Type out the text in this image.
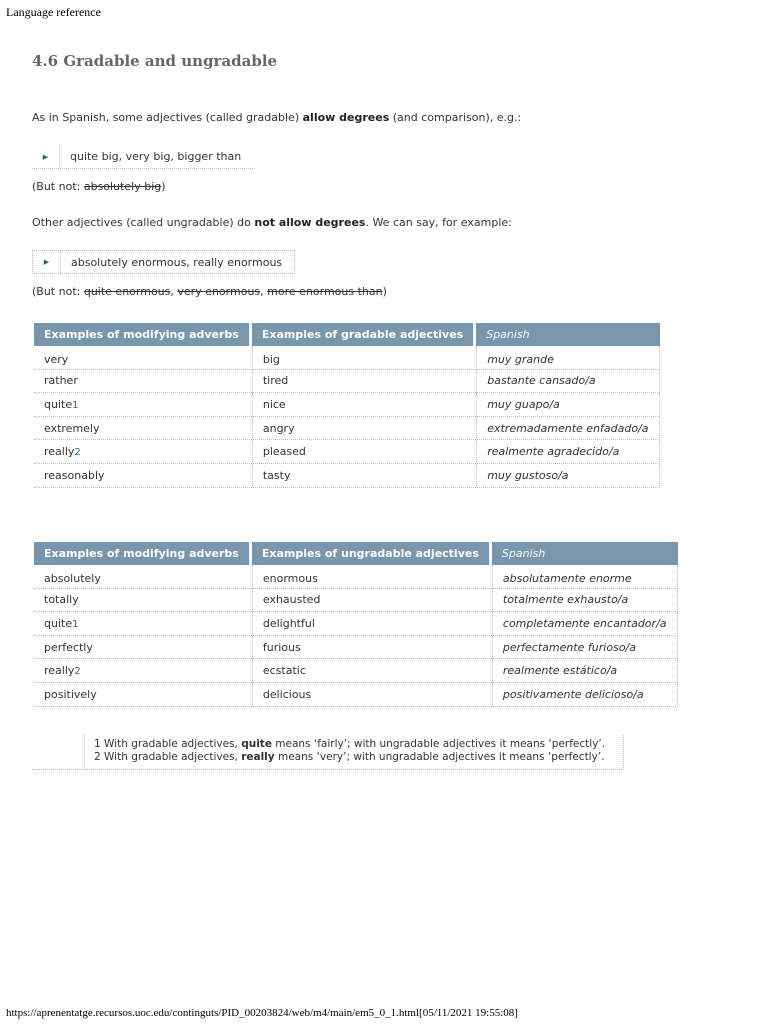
Language reference
4.6 Gradable and ungradable

As in Spanish, some adjectives (called gradable) allow degrees (and comparison), e.g.:

▶	quite big, very big, bigger than

(But not: absolutely big)

Other adjectives (called ungradable) do not allow degrees. We can say, for example:

▶	absolutely enormous, really enormous

(But not: quite enormous, very enormous, more enormous than)

Examples of modifying adverbs	Examples of gradable adjectives	Spanish
very	big	muy grande
rather	tired	bastante cansado/a
quite1	nice	muy guapo/a
extremely	angry	extremadamente enfadado/a
really2	pleased	realmente agradecido/a
reasonably	tasty	muy gustoso/a
Examples of modifying adverbs	Examples of ungradable adjectives	Spanish
absolutely	enormous	absolutamente enorme
totally	exhausted	totalmente exhausto/a
quite1	delightful	completamente encantador/a
perfectly	furious	perfectamente furioso/a
really2	ecstatic	realmente estático/a
positively	delicious	positivamente delicioso/a
1 With gradable adjectives, quite means ‘fairly’; with ungradable adjectives it means ‘perfectly’.
2 With gradable adjectives, really means ‘very’; with ungradable adjectives it means ‘perfectly’.
https://aprenentatge.recursos.uoc.edu/continguts/PID_00203824/web/m4/main/em5_0_1.html[05/11/2021 19:55:08]
